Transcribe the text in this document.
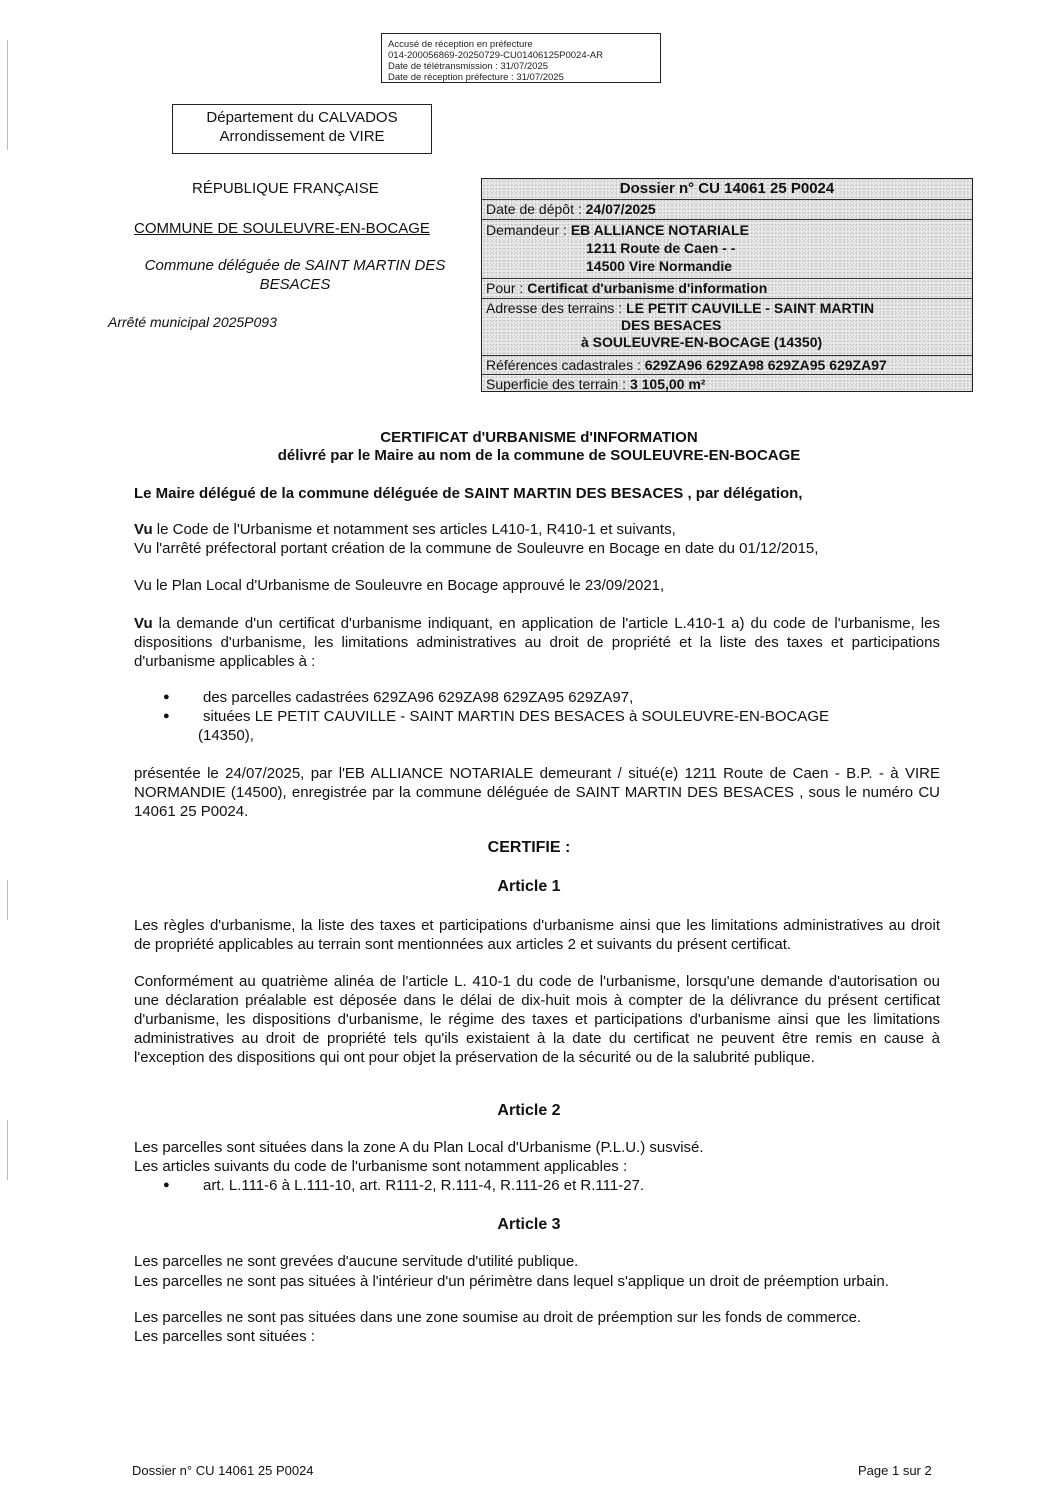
Accusé de réception en préfecture
014-200056869-20250729-CU01406125P0024-AR
Date de télétransmission : 31/07/2025
Date de réception préfecture : 31/07/2025
Département du CALVADOS
Arrondissement de VIRE
RÉPUBLIQUE FRANÇAISE
COMMUNE DE SOULEUVRE-EN-BOCAGE
Commune déléguée de SAINT MARTIN DES BESACES
Arrêté municipal 2025P093
Dossier n° CU 14061 25 P0024
Date de dépôt : 24/07/2025
Demandeur : EB ALLIANCE NOTARIALE
1211 Route de Caen - -
14500 Vire Normandie
Pour : Certificat d'urbanisme d'information
Adresse des terrains : LE PETIT CAUVILLE - SAINT MARTIN
DES BESACES
à SOULEUVRE-EN-BOCAGE (14350)
Références cadastrales : 629ZA96 629ZA98 629ZA95 629ZA97
Superficie des terrain : 3 105,00 m²
CERTIFICAT d'URBANISME d'INFORMATION
délivré par le Maire au nom de la commune de SOULEUVRE-EN-BOCAGE
Le Maire délégué de la commune déléguée de SAINT MARTIN DES BESACES , par délégation,
Vu le Code de l'Urbanisme et notamment ses articles L410-1, R410-1 et suivants,
Vu l'arrêté préfectoral portant création de la commune de Souleuvre en Bocage en date du 01/12/2015,
Vu le Plan Local d'Urbanisme de Souleuvre en Bocage approuvé le 23/09/2021,
Vu la demande d'un certificat d'urbanisme indiquant, en application de l'article L.410-1 a) du code de l'urbanisme, les dispositions d'urbanisme, les limitations administratives au droit de propriété et la liste des taxes et participations d'urbanisme applicables à :
● des parcelles cadastrées 629ZA96 629ZA98 629ZA95 629ZA97,
● situées LE PETIT CAUVILLE - SAINT MARTIN DES BESACES à SOULEUVRE-EN-BOCAGE
(14350),
présentée le 24/07/2025, par l'EB ALLIANCE NOTARIALE demeurant / situé(e) 1211 Route de Caen - B.P. - à VIRE NORMANDIE (14500), enregistrée par la commune déléguée de SAINT MARTIN DES BESACES , sous le numéro CU 14061 25 P0024.
CERTIFIE :
Article 1
Les règles d'urbanisme, la liste des taxes et participations d'urbanisme ainsi que les limitations administratives au droit de propriété applicables au terrain sont mentionnées aux articles 2 et suivants du présent certificat.
Conformément au quatrième alinéa de l'article L. 410-1 du code de l'urbanisme, lorsqu'une demande d'autorisation ou une déclaration préalable est déposée dans le délai de dix-huit mois à compter de la délivrance du présent certificat d'urbanisme, les dispositions d'urbanisme, le régime des taxes et participations d'urbanisme ainsi que les limitations administratives au droit de propriété tels qu'ils existaient à la date du certificat ne peuvent être remis en cause à l'exception des dispositions qui ont pour objet la préservation de la sécurité ou de la salubrité publique.
Article 2
Les parcelles sont situées dans la zone A du Plan Local d'Urbanisme (P.L.U.) susvisé.
Les articles suivants du code de l'urbanisme sont notamment applicables :
● art. L.111-6 à L.111-10, art. R111-2, R.111-4, R.111-26 et R.111-27.
Article 3
Les parcelles ne sont grevées d'aucune servitude d'utilité publique.
Les parcelles ne sont pas situées à l'intérieur d'un périmètre dans lequel s'applique un droit de préemption urbain.
Les parcelles ne sont pas situées dans une zone soumise au droit de préemption sur les fonds de commerce.
Les parcelles sont situées :
Dossier n° CU 14061 25 P0024	Page 1 sur 2
